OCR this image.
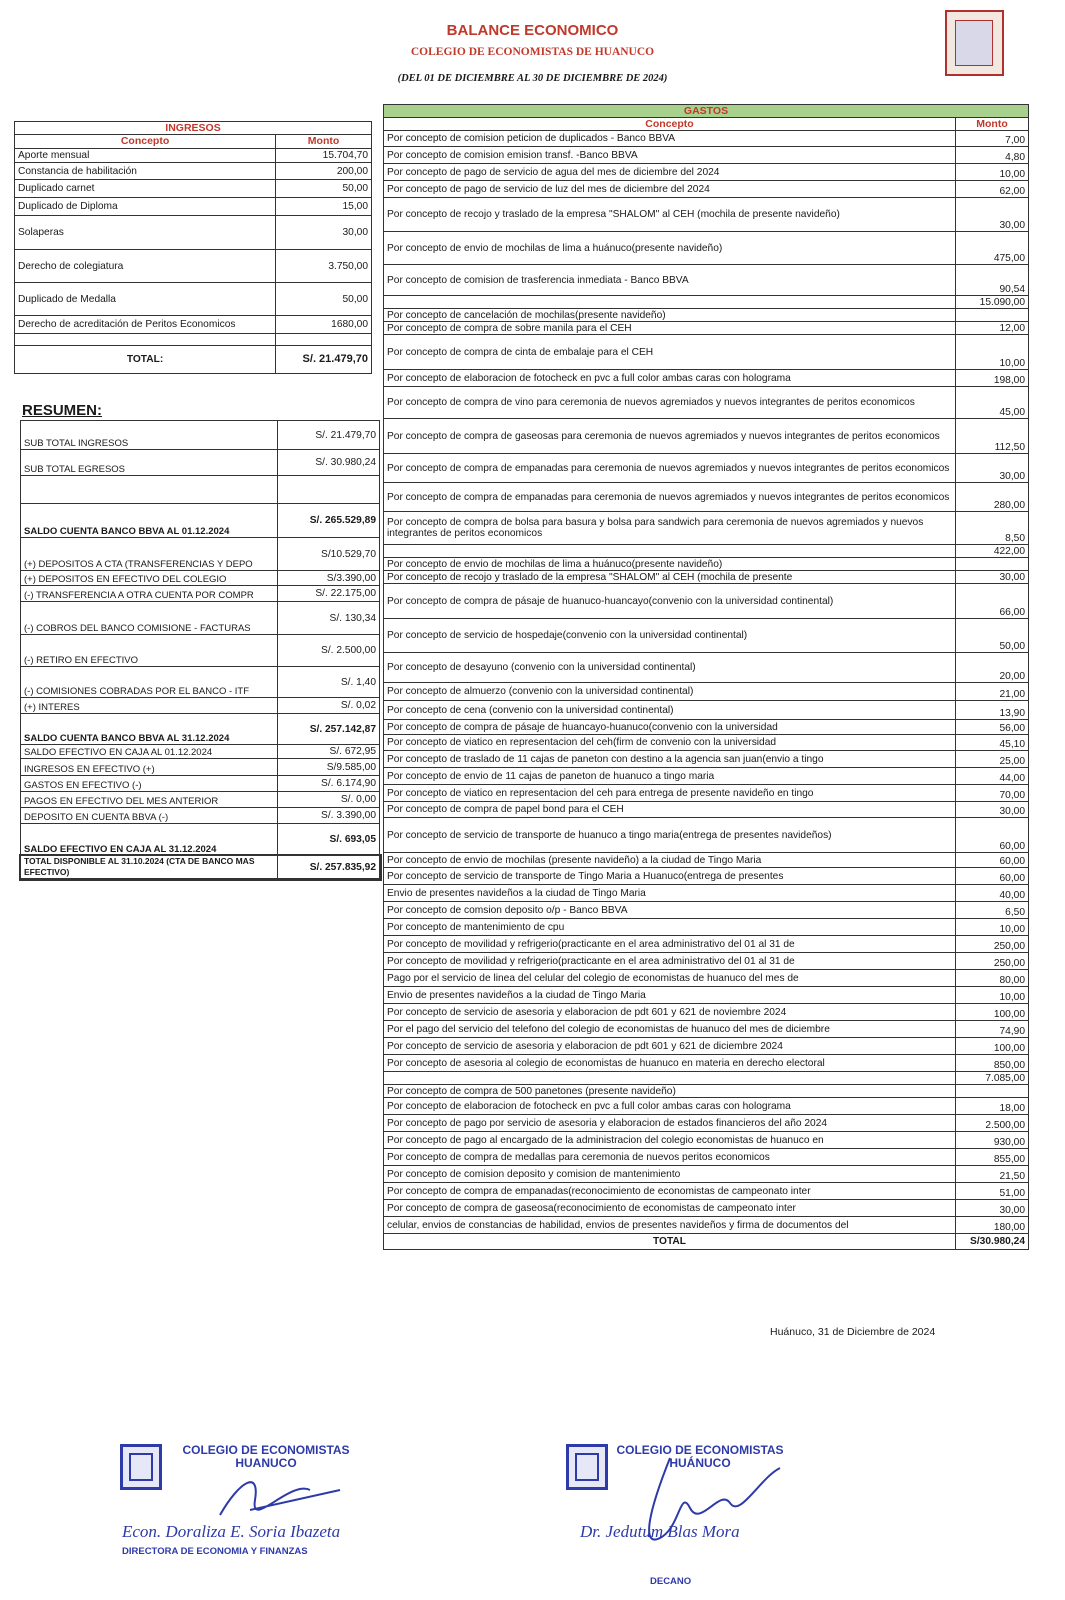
BALANCE ECONOMICO
COLEGIO DE ECONOMISTAS DE HUANUCO
(DEL 01 DE DICIEMBRE AL 30 DE DICIEMBRE DE 2024)
INGRESOS	
Concepto	Monto
Aporte mensual	15.704,70
Constancia de habilitación	200,00
Duplicado carnet	50,00
Duplicado de Diploma	15,00
Solaperas	30,00
Derecho de colegiatura	3.750,00
Duplicado de Medalla	50,00
Derecho de acreditación de Peritos Economicos	1680,00

TOTAL:	S/. 21.479,70
RESUMEN:
SUB TOTAL INGRESOS	S/. 21.479,70
SUB TOTAL EGRESOS	S/. 30.980,24

SALDO CUENTA BANCO BBVA AL 01.12.2024	S/. 265.529,89
(+) DEPOSITOS A CTA (TRANSFERENCIAS Y DEPO	S/10.529,70
(+) DEPOSITOS EN EFECTIVO DEL COLEGIO	S/3.390,00
(-) TRANSFERENCIA A OTRA CUENTA POR COMPR	S/. 22.175,00
(-) COBROS DEL BANCO COMISIONE - FACTURAS	S/. 130,34
(-) RETIRO EN EFECTIVO	S/. 2.500,00
(-) COMISIONES COBRADAS POR EL BANCO - ITF	S/. 1,40
(+) INTERES	S/. 0,02
SALDO CUENTA BANCO BBVA AL 31.12.2024	S/. 257.142,87
SALDO EFECTIVO EN CAJA AL 01.12.2024	S/. 672,95
INGRESOS EN EFECTIVO (+)	S/9.585,00
GASTOS EN EFECTIVO (-)	S/. 6.174,90
PAGOS EN EFECTIVO DEL MES ANTERIOR	S/. 0,00
DEPOSITO EN CUENTA BBVA (-)	S/. 3.390,00
SALDO EFECTIVO EN CAJA AL 31.12.2024	S/. 693,05
TOTAL DISPONIBLE AL 31.10.2024 (CTA DE BANCO MAS EFECTIVO)	S/. 257.835,92
GASTOS	
Concepto	Monto
Por concepto de comision peticion de duplicados - Banco BBVA	7,00
Por concepto de comision emision transf. -Banco BBVA	4,80
Por concepto de pago de servicio de agua del mes de diciembre del 2024	10,00
Por concepto de pago de servicio de luz del mes de diciembre del 2024	62,00
Por concepto de recojo y traslado de la empresa "SHALOM" al CEH (mochila de presente navideño)	30,00
Por concepto de envio de mochilas de lima a huánuco(presente navideño)	475,00
Por concepto de comision de trasferencia inmediata - Banco BBVA	90,54
	15.090,00
Por concepto de cancelación de mochilas(presente navideño)	
Por concepto de compra de sobre manila para el CEH	12,00
Por concepto de compra de cinta de embalaje para el CEH	10,00
Por concepto de elaboracion de fotocheck en pvc a full color ambas caras con holograma	198,00
Por concepto de compra de vino para ceremonia de nuevos agremiados y nuevos integrantes de peritos economicos	45,00
Por concepto de compra de gaseosas para ceremonia de nuevos agremiados y nuevos integrantes de peritos economicos	112,50
Por concepto de compra de empanadas para ceremonia de nuevos agremiados y nuevos integrantes de peritos economicos	30,00
Por concepto de compra de empanadas para ceremonia de nuevos agremiados y nuevos integrantes de peritos economicos	280,00
Por concepto de compra de bolsa para basura y bolsa para sandwich para ceremonia de nuevos agremiados y nuevos integrantes de peritos economicos	8,50
	422,00
Por concepto de envio de mochilas de lima a huánuco(presente navideño)	
Por concepto de recojo y traslado de la empresa "SHALOM" al CEH (mochila de presente	30,00
Por concepto de compra de pásaje de huanuco-huancayo(convenio con la universidad continental)	66,00
Por concepto de servicio de hospedaje(convenio con la universidad continental)	50,00
Por concepto de desayuno (convenio con la universidad continental)	20,00
Por concepto de almuerzo (convenio con la universidad continental)	21,00
Por concepto de cena (convenio con la universidad continental)	13,90
Por concepto de compra de pásaje de huancayo-huanuco(convenio con la universidad	56,00
Por concepto de viatico en representacion del ceh(firm de convenio con la universidad	45,10
Por concepto de traslado de 11 cajas de paneton con destino a la agencia san juan(envio a tingo	25,00
Por concepto de envio de 11 cajas de paneton de huanuco a tingo maria	44,00
Por concepto de viatico en representacion del ceh para entrega de presente navideño en tingo	70,00
Por concepto de compra de papel bond para el CEH	30,00
Por concepto de servicio de transporte de huanuco a tingo maria(entrega de presentes navideños)	60,00
Por concepto de envio de mochilas (presente navideño) a la ciudad de Tingo Maria	60,00
Por concepto de servicio de transporte de Tingo Maria a Huanuco(entrega de presentes	60,00
Envio de presentes navideños a la ciudad de Tingo Maria	40,00
Por concepto de comsion deposito o/p - Banco BBVA	6,50
Por concepto de mantenimiento de cpu	10,00
Por concepto de movilidad y refrigerio(practicante en el area administrativo del 01 al 31 de	250,00
Por concepto de movilidad y refrigerio(practicante en el area administrativo del 01 al 31 de	250,00
Pago por el servicio de linea del celular del colegio de economistas de huanuco del mes de	80,00
Envio de presentes navideños a la ciudad de Tingo Maria	10,00
Por concepto de servicio de asesoria y elaboracion de pdt 601 y 621 de noviembre 2024	100,00
Por el pago del servicio del telefono del colegio de economistas de huanuco del mes de diciembre	74,90
Por concepto de servicio de asesoria y elaboracion de pdt 601 y 621 de diciembre 2024	100,00
Por concepto de asesoria al colegio de economistas de huanuco en materia en derecho electoral	850,00
	7.085,00
Por concepto de compra de 500 panetones (presente navideño)	
Por concepto de elaboracion de fotocheck en pvc a full color ambas caras con holograma	18,00
Por concepto de pago por servicio de asesoria y elaboracion de estados financieros del año 2024	2.500,00
Por concepto de pago al encargado de la administracion del colegio economistas de huanuco en	930,00
Por concepto de compra de medallas para ceremonia de nuevos peritos economicos	855,00
Por concepto de comision deposito y comision de mantenimiento	21,50
Por concepto de compra de empanadas(reconocimiento de economistas de campeonato inter	51,00
Por concepto de compra de gaseosa(reconocimiento de economistas de campeonato inter	30,00
celular, envios de constancias de habilidad, envios de presentes navideños y firma de documentos del	180,00
TOTAL	S/30.980,24
Huánuco, 31 de Diciembre de 2024
COLEGIO DE ECONOMISTAS
HUANUCO
Econ. Doraliza E. Soria Ibazeta
DIRECTORA DE ECONOMIA Y FINANZAS
COLEGIO DE ECONOMISTAS
HUÁNUCO
Dr. Jedutum Blas Mora
DECANO
